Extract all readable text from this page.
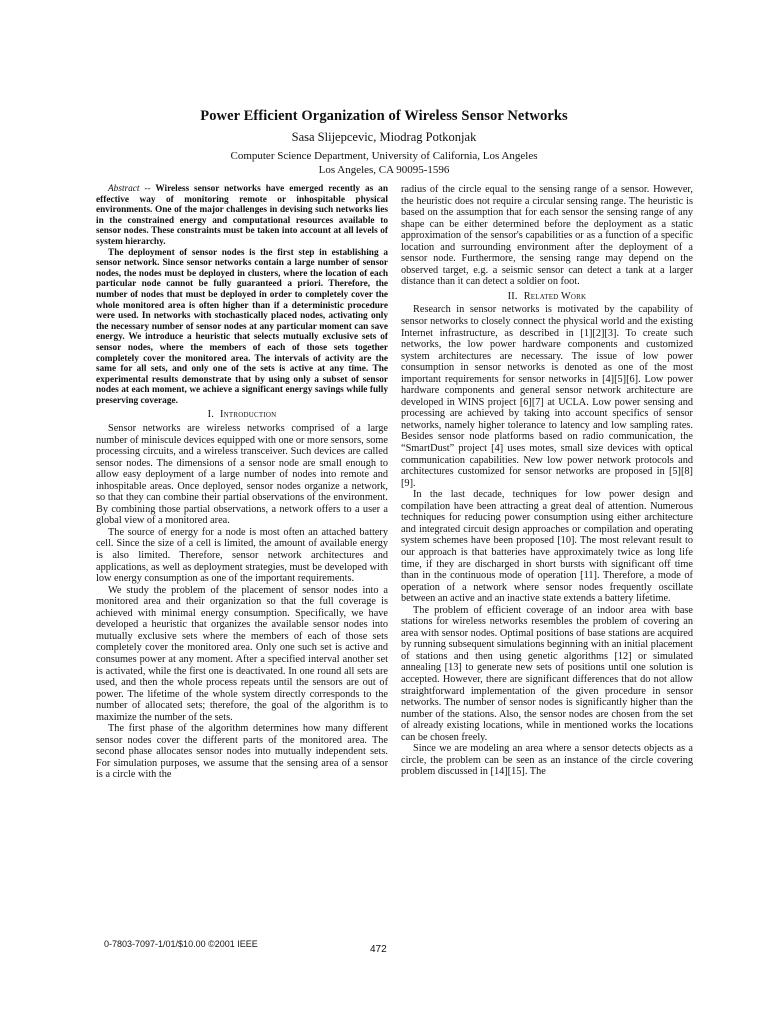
Power Efficient Organization of Wireless Sensor Networks
Sasa Slijepcevic, Miodrag Potkonjak
Computer Science Department, University of California, Los Angeles
Los Angeles, CA 90095-1596

Abstract -- Wireless sensor networks have emerged recently as an effective way of monitoring remote or inhospitable physical environments. One of the major challenges in devising such networks lies in the constrained energy and computational resources available to sensor nodes. These constraints must be taken into account at all levels of system hierarchy.

The deployment of sensor nodes is the first step in establishing a sensor network. Since sensor networks contain a large number of sensor nodes, the nodes must be deployed in clusters, where the location of each particular node cannot be fully guaranteed a priori. Therefore, the number of nodes that must be deployed in order to completely cover the whole monitored area is often higher than if a deterministic procedure were used. In networks with stochastically placed nodes, activating only the necessary number of sensor nodes at any particular moment can save energy. We introduce a heuristic that selects mutually exclusive sets of sensor nodes, where the members of each of those sets together completely cover the monitored area. The intervals of activity are the same for all sets, and only one of the sets is active at any time. The experimental results demonstrate that by using only a subset of sensor nodes at each moment, we achieve a significant energy savings while fully preserving coverage.

I. Introduction

Sensor networks are wireless networks comprised of a large number of miniscule devices equipped with one or more sensors, some processing circuits, and a wireless transceiver. Such devices are called sensor nodes. The dimensions of a sensor node are small enough to allow easy deployment of a large number of nodes into remote and inhospitable areas. Once deployed, sensor nodes organize a network, so that they can combine their partial observations of the environment. By combining those partial observations, a network offers to a user a global view of a monitored area.

The source of energy for a node is most often an attached battery cell. Since the size of a cell is limited, the amount of available energy is also limited. Therefore, sensor network architectures and applications, as well as deployment strategies, must be developed with low energy consumption as one of the important requirements.

We study the problem of the placement of sensor nodes into a monitored area and their organization so that the full coverage is achieved with minimal energy consumption. Specifically, we have developed a heuristic that organizes the available sensor nodes into mutually exclusive sets where the members of each of those sets completely cover the monitored area. Only one such set is active and consumes power at any moment. After a specified interval another set is activated, while the first one is deactivated. In one round all sets are used, and then the whole process repeats until the sensors are out of power. The lifetime of the whole system directly corresponds to the number of allocated sets; therefore, the goal of the algorithm is to maximize the number of the sets.

The first phase of the algorithm determines how many different sensor nodes cover the different parts of the monitored area. The second phase allocates sensor nodes into mutually independent sets. For simulation purposes, we assume that the sensing area of a sensor is a circle with the

radius of the circle equal to the sensing range of a sensor. However, the heuristic does not require a circular sensing range. The heuristic is based on the assumption that for each sensor the sensing range of any shape can be either determined before the deployment as a static approximation of the sensor's capabilities or as a function of a specific location and surrounding environment after the deployment of a sensor node. Furthermore, the sensing range may depend on the observed target, e.g. a seismic sensor can detect a tank at a larger distance than it can detect a soldier on foot.

II. Related Work

Research in sensor networks is motivated by the capability of sensor networks to closely connect the physical world and the existing Internet infrastructure, as described in [1][2][3]. To create such networks, the low power hardware components and customized system architectures are necessary. The issue of low power consumption in sensor networks is denoted as one of the most important requirements for sensor networks in [4][5][6]. Low power hardware components and general sensor network architecture are developed in WINS project [6][7] at UCLA. Low power sensing and processing are achieved by taking into account specifics of sensor networks, namely higher tolerance to latency and low sampling rates. Besides sensor node platforms based on radio communication, the “SmartDust” project [4] uses motes, small size devices with optical communication capabilities. New low power network protocols and architectures customized for sensor networks are proposed in [5][8][9].

In the last decade, techniques for low power design and compilation have been attracting a great deal of attention. Numerous techniques for reducing power consumption using either architecture and integrated circuit design approaches or compilation and operating system schemes have been proposed [10]. The most relevant result to our approach is that batteries have approximately twice as long life time, if they are discharged in short bursts with significant off time than in the continuous mode of operation [11]. Therefore, a mode of operation of a network where sensor nodes frequently oscillate between an active and an inactive state extends a battery lifetime.

The problem of efficient coverage of an indoor area with base stations for wireless networks resembles the problem of covering an area with sensor nodes. Optimal positions of base stations are acquired by running subsequent simulations beginning with an initial placement of stations and then using genetic algorithms [12] or simulated annealing [13] to generate new sets of positions until one solution is accepted. However, there are significant differences that do not allow straightforward implementation of the given procedure in sensor networks. The number of sensor nodes is significantly higher than the number of the stations. Also, the sensor nodes are chosen from the set of already existing locations, while in mentioned works the locations can be chosen freely.

Since we are modeling an area where a sensor detects objects as a circle, the problem can be seen as an instance of the circle covering problem discussed in [14][15]. The

0-7803-7097-1/01/$10.00 ©2001 IEEE	472
